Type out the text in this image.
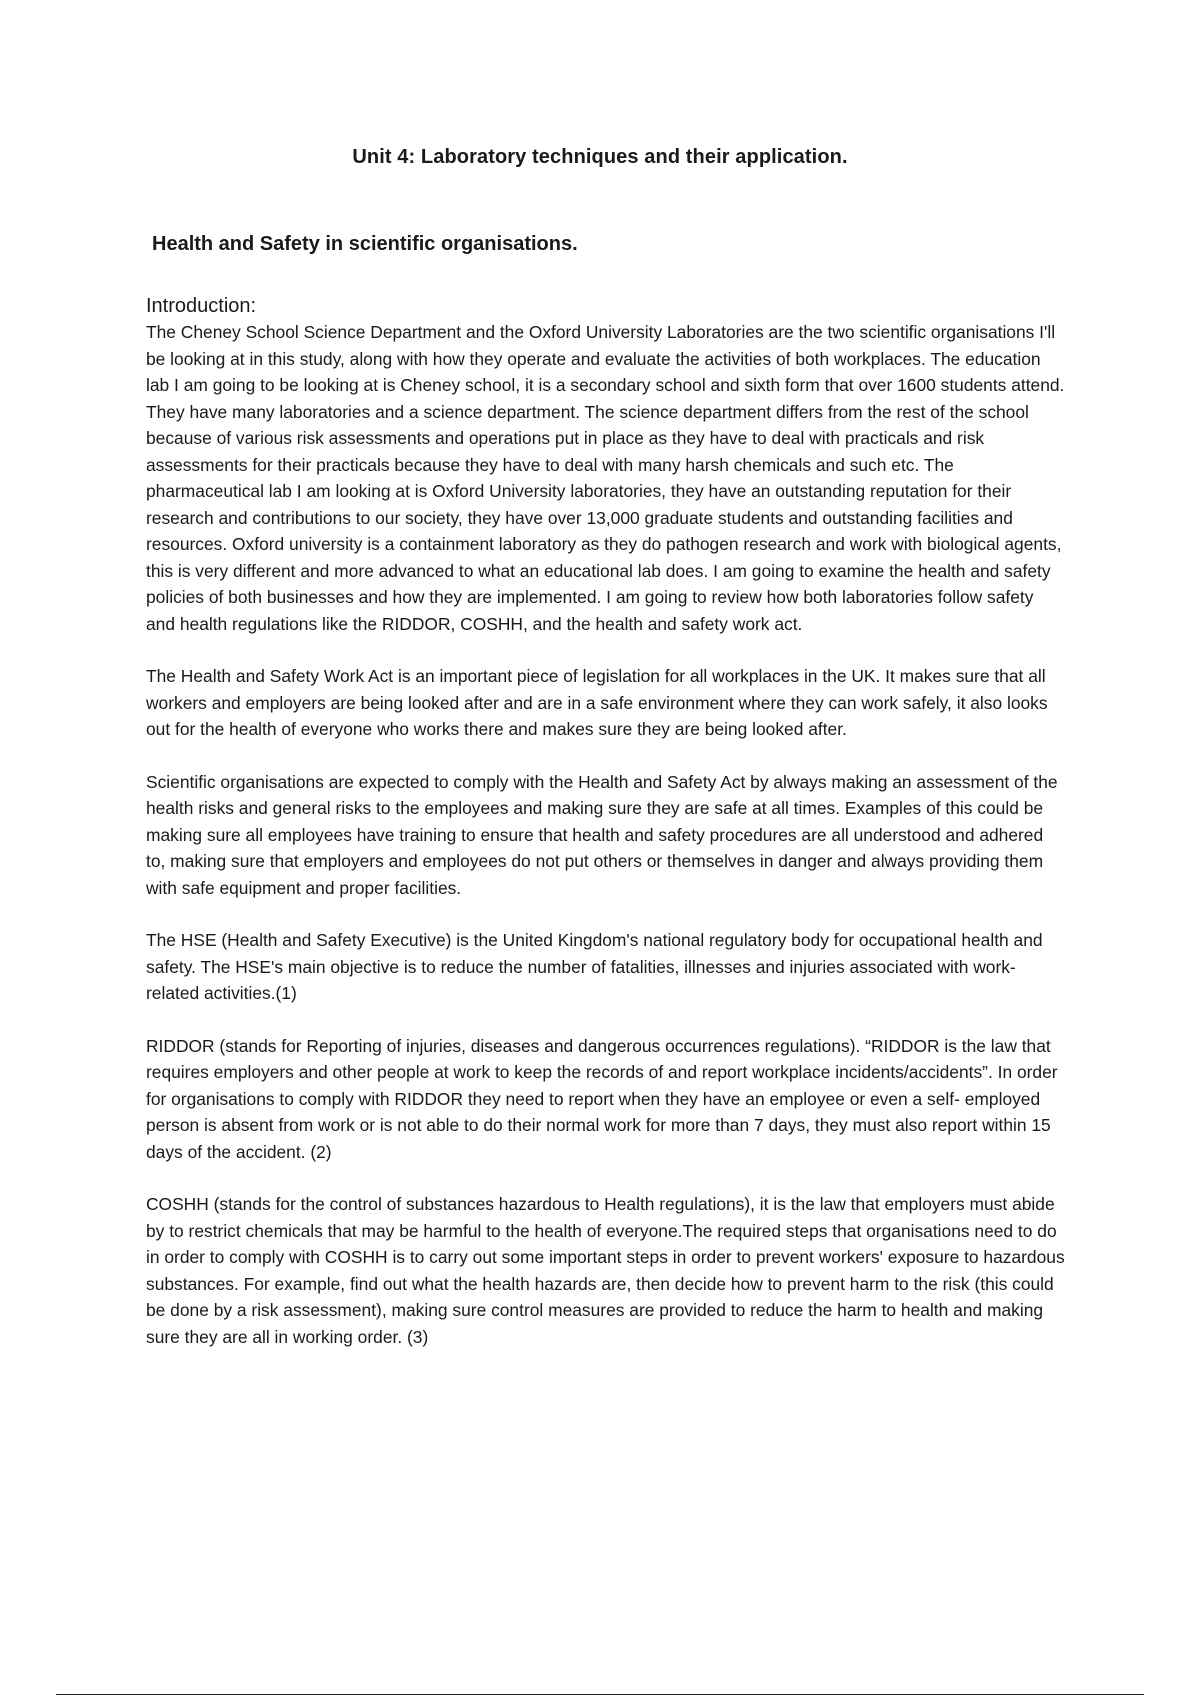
Unit 4: Laboratory techniques and their application.
Health and Safety in scientific organisations.

Introduction:

The Cheney School Science Department and the Oxford University Laboratories are the two scientific organisations I'll be looking at in this study, along with how they operate and evaluate the activities of both workplaces. The education lab I am going to be looking at is Cheney school, it is a secondary school and sixth form that over 1600 students attend. They have many laboratories and a science department. The science department differs from the rest of the school because of various risk assessments and operations put in place as they have to deal with practicals and risk assessments for their practicals because they have to deal with many harsh chemicals and such etc. The pharmaceutical lab I am looking at is Oxford University laboratories, they have an outstanding reputation for their research and contributions to our society, they have over 13,000 graduate students and outstanding facilities and resources. Oxford university is a containment laboratory as they do pathogen research and work with biological agents, this is very different and more advanced to what an educational lab does. I am going to examine the health and safety policies of both businesses and how they are implemented. I am going to review how both laboratories follow safety and health regulations like the RIDDOR, COSHH, and the health and safety work act.

The Health and Safety Work Act is an important piece of legislation for all workplaces in the UK. It makes sure that all workers and employers are being looked after and are in a safe environment where they can work safely, it also looks out for the health of everyone who works there and makes sure they are being looked after.

Scientific organisations are expected to comply with the Health and Safety Act by always making an assessment of the health risks and general risks to the employees and making sure they are safe at all times. Examples of this could be making sure all employees have training to ensure that health and safety procedures are all understood and adhered to, making sure that employers and employees do not put others or themselves in danger and always providing them with safe equipment and proper facilities.

The HSE (Health and Safety Executive) is the United Kingdom's national regulatory body for occupational health and safety. The HSE's main objective is to reduce the number of fatalities, illnesses and injuries associated with work-related activities.(1)

RIDDOR (stands for Reporting of injuries, diseases and dangerous occurrences regulations). “RIDDOR is the law that requires employers and other people at work to keep the records of and report workplace incidents/accidents”. In order for organisations to comply with RIDDOR they need to report when they have an employee or even a self- employed person is absent from work or is not able to do their normal work for more than 7 days, they must also report within 15 days of the accident. (2)

COSHH (stands for the control of substances hazardous to Health regulations), it is the law that employers must abide by to restrict chemicals that may be harmful to the health of everyone.The required steps that organisations need to do in order to comply with COSHH is to carry out some important steps in order to prevent workers' exposure to hazardous substances. For example, find out what the health hazards are, then decide how to prevent harm to the risk (this could be done by a risk assessment), making sure control measures are provided to reduce the harm to health and making sure they are all in working order. (3)
